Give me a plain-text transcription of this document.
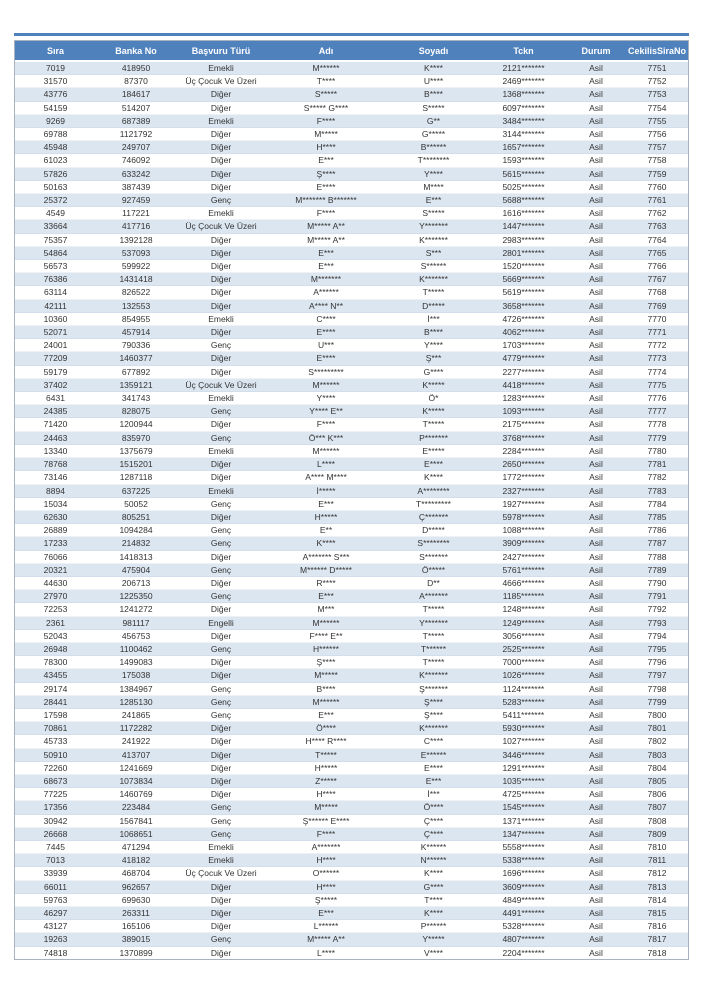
Sıra	Banka No	Başvuru Türü	Adı	Soyadı	Tckn	Durum	CekilisSiraNo
7019	418950	Emekli	M******	K****	2121*******	Asil	7751
31570	87370	Üç Çocuk Ve Üzeri	T****	U****	2469*******	Asil	7752
43776	184617	Diğer	S*****	B****	1368*******	Asil	7753
54159	514207	Diğer	S***** G****	S*****	6097*******	Asil	7754
9269	687389	Emekli	F****	G**	3484*******	Asil	7755
69788	1121792	Diğer	M*****	G*****	3144*******	Asil	7756
45948	249707	Diğer	H****	B******	1657*******	Asil	7757
61023	746092	Diğer	E***	T********	1593*******	Asil	7758
57826	633242	Diğer	Ş****	Y****	5615*******	Asil	7759
50163	387439	Diğer	E****	M****	5025*******	Asil	7760
25372	927459	Genç	M******* B*******	E***	5688*******	Asil	7761
4549	117221	Emekli	F****	S*****	1616*******	Asil	7762
33664	417716	Üç Çocuk Ve Üzeri	M***** A**	Y*******	1447*******	Asil	7763
75357	1392128	Diğer	M***** A**	K*******	2983*******	Asil	7764
54864	537093	Diğer	E***	S***	2801*******	Asil	7765
56573	599922	Diğer	E***	S******	1520*******	Asil	7766
76386	1431418	Diğer	M*******	K*******	5669*******	Asil	7767
63114	826522	Diğer	A******	T*****	5619*******	Asil	7768
42111	132553	Diğer	A**** N**	D*****	3658*******	Asil	7769
10360	854955	Emekli	C****	İ***	4726*******	Asil	7770
52071	457914	Diğer	E****	B****	4062*******	Asil	7771
24001	790336	Genç	U***	Y****	1703*******	Asil	7772
77209	1460377	Diğer	E****	Ş***	4779*******	Asil	7773
59179	677892	Diğer	S*********	G****	2277*******	Asil	7774
37402	1359121	Üç Çocuk Ve Üzeri	M******	K*****	4418*******	Asil	7775
6431	341743	Emekli	Y****	Ö*	1283*******	Asil	7776
24385	828075	Genç	Y**** E**	K*****	1093*******	Asil	7777
71420	1200944	Diğer	F****	T*****	2175*******	Asil	7778
24463	835970	Genç	Ö*** K***	P*******	3768*******	Asil	7779
13340	1375679	Emekli	M******	E*****	2284*******	Asil	7780
78768	1515201	Diğer	L****	E****	2650*******	Asil	7781
73146	1287118	Diğer	A**** M****	K****	1772*******	Asil	7782
8894	637225	Emekli	İ*****	A********	2327*******	Asil	7783
15034	50052	Genç	E***	T*********	1927*******	Asil	7784
62630	805251	Diğer	H*****	Ç*******	5978*******	Asil	7785
26889	1094284	Genç	E**	D*****	1088*******	Asil	7786
17233	214832	Genç	K****	S********	3909*******	Asil	7787
76066	1418313	Diğer	A******* S***	S*******	2427*******	Asil	7788
20321	475904	Genç	M****** D*****	Ö*****	5761*******	Asil	7789
44630	206713	Diğer	R****	D**	4666*******	Asil	7790
27970	1225350	Genç	E***	A*******	1185*******	Asil	7791
72253	1241272	Diğer	M***	T*****	1248*******	Asil	7792
2361	981117	Engelli	M******	Y*******	1249*******	Asil	7793
52043	456753	Diğer	F**** E**	T*****	3056*******	Asil	7794
26948	1100462	Genç	H******	T******	2525*******	Asil	7795
78300	1499083	Diğer	Ş****	T*****	7000*******	Asil	7796
43455	175038	Diğer	M*****	K*******	1026*******	Asil	7797
29174	1384967	Genç	B****	Ş*******	1124*******	Asil	7798
28441	1285130	Genç	M******	Ş****	5283*******	Asil	7799
17598	241865	Genç	E***	Ş****	5411*******	Asil	7800
70861	1172282	Diğer	Ö****	K*******	5930*******	Asil	7801
45733	241922	Diğer	H**** R****	C****	1027*******	Asil	7802
50910	413707	Diğer	T*****	E******	3446*******	Asil	7803
72260	1241669	Diğer	H*****	E****	1291*******	Asil	7804
68673	1073834	Diğer	Z*****	E***	1035*******	Asil	7805
77225	1460769	Diğer	H****	İ***	4725*******	Asil	7806
17356	223484	Genç	M*****	Ö****	1545*******	Asil	7807
30942	1567841	Genç	Ş****** E****	Ç****	1371*******	Asil	7808
26668	1068651	Genç	F****	Ç****	1347*******	Asil	7809
7445	471294	Emekli	A*******	K******	5558*******	Asil	7810
7013	418182	Emekli	H****	N******	5338*******	Asil	7811
33939	468704	Üç Çocuk Ve Üzeri	O******	K****	1696*******	Asil	7812
66011	962657	Diğer	H****	G****	3609*******	Asil	7813
59763	699630	Diğer	Ş*****	T****	4849*******	Asil	7814
46297	263311	Diğer	E***	K****	4491*******	Asil	7815
43127	165106	Diğer	L******	P******	5328*******	Asil	7816
19263	389015	Genç	M***** A**	Y*****	4807*******	Asil	7817
74818	1370899	Diğer	L****	V****	2204*******	Asil	7818
